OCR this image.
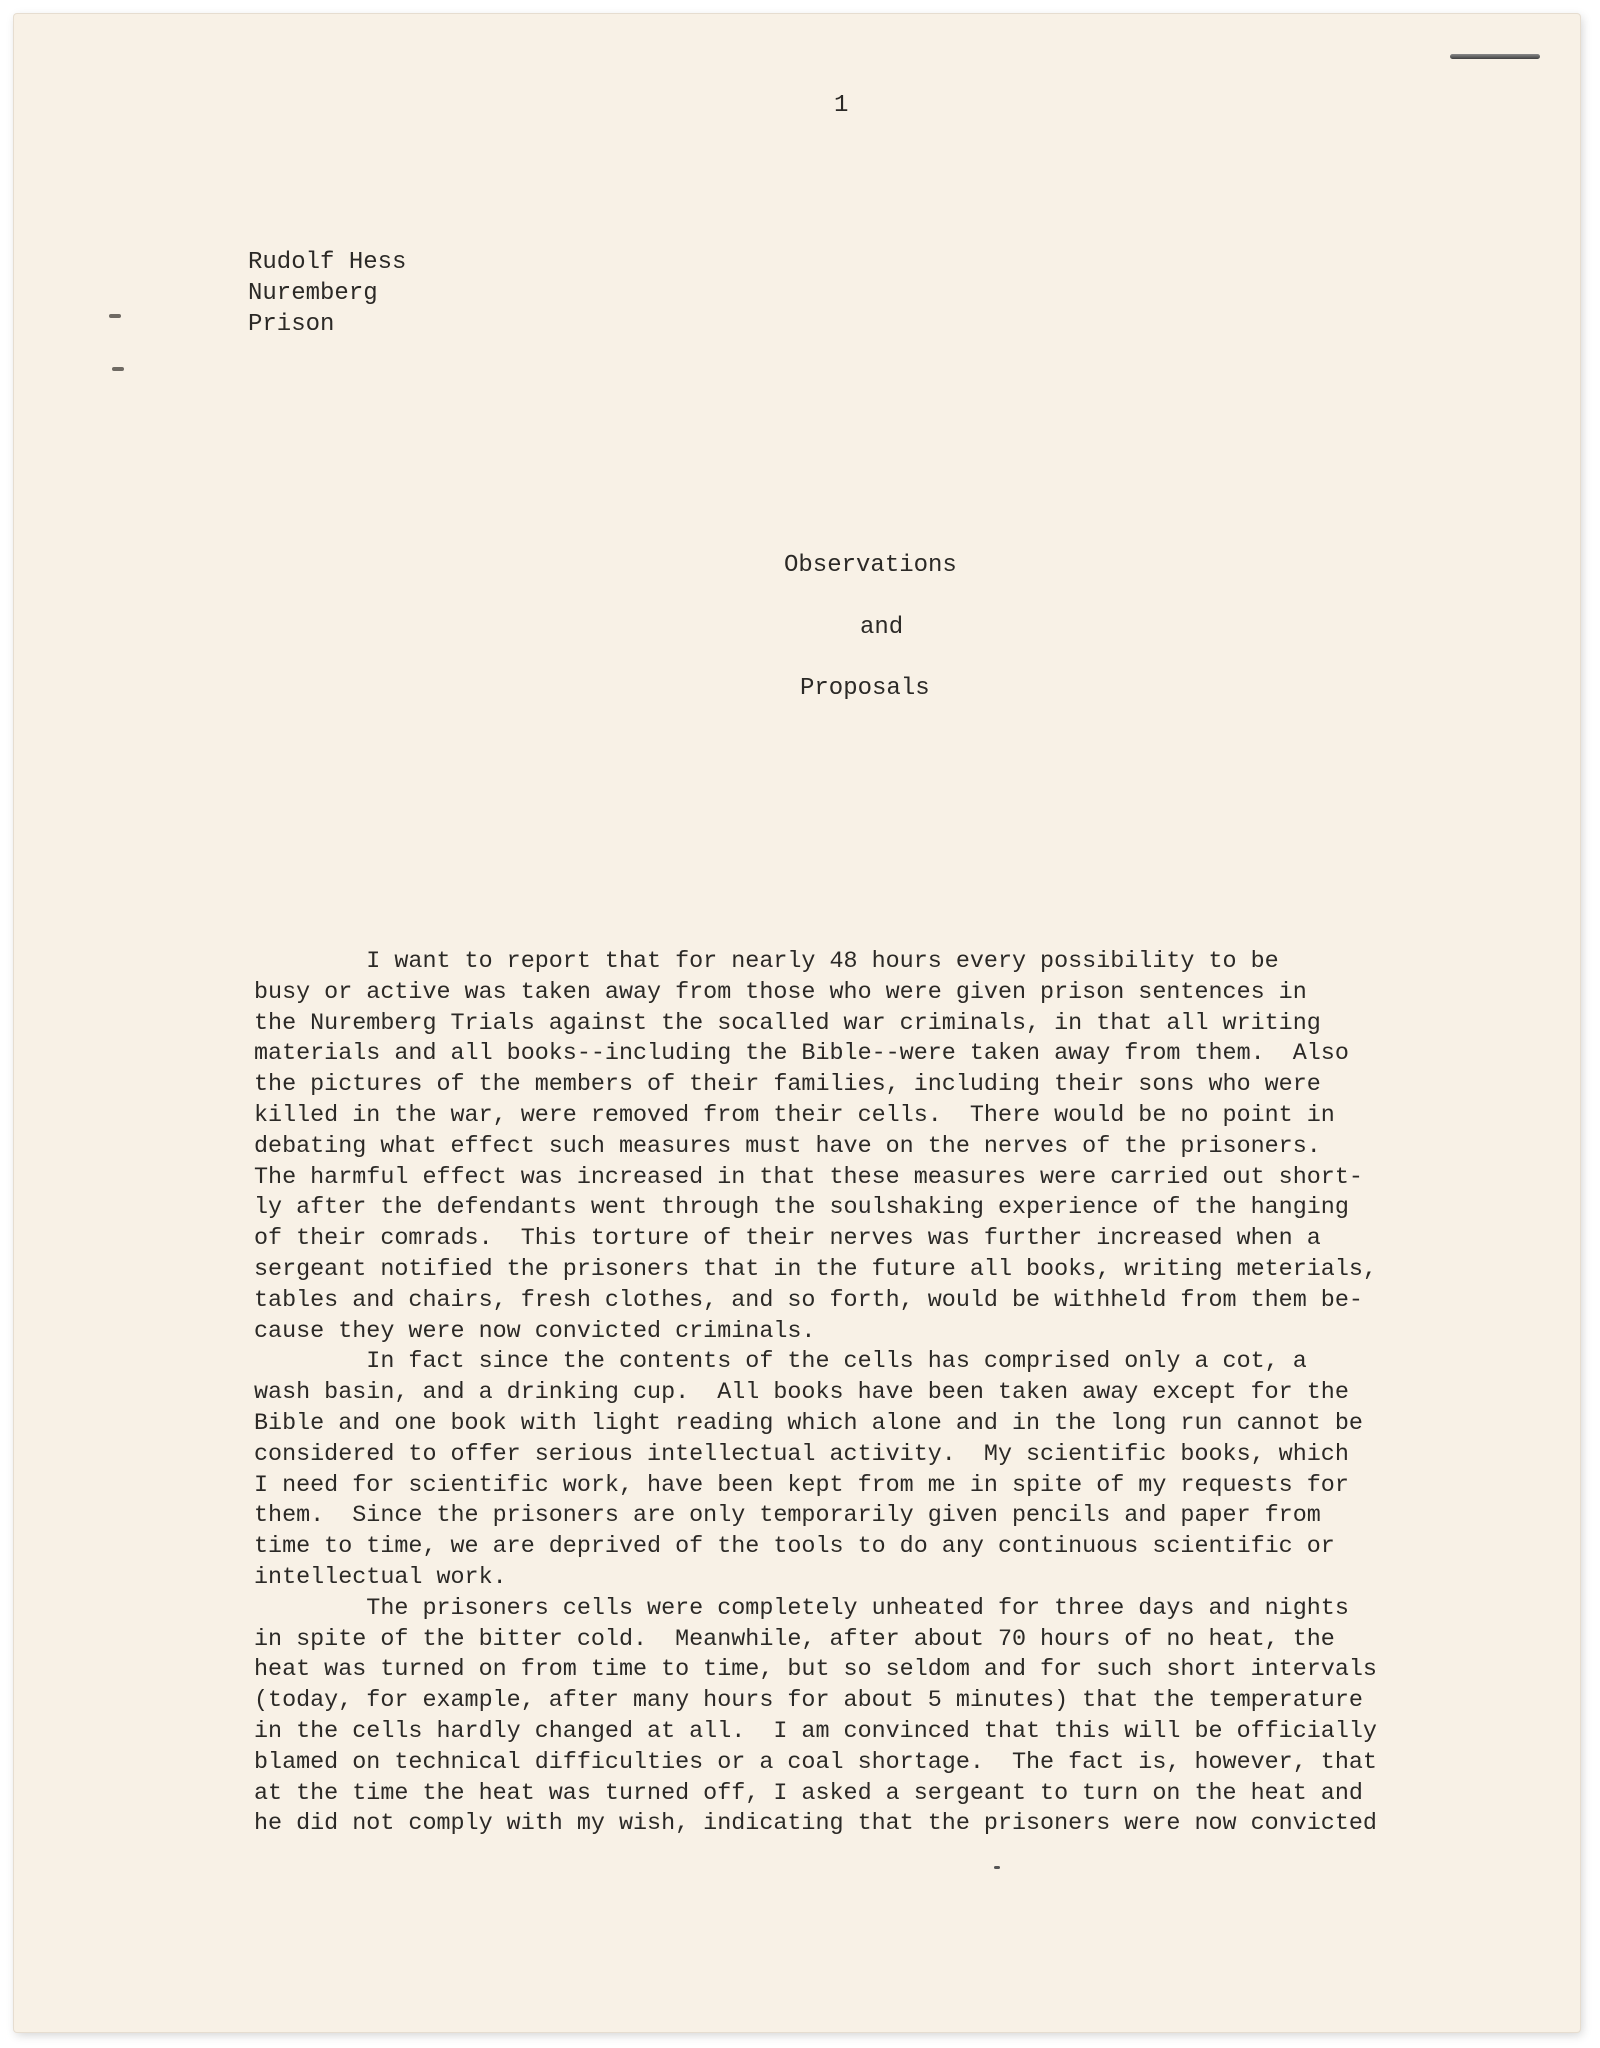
1
Rudolf Hess
Nuremberg
Prison
Observations
and
Proposals
I want to report that for nearly 48 hours every possibility to be
busy or active was taken away from those who were given prison sentences in
the Nuremberg Trials against the socalled war criminals, in that all writing
materials and all books--including the Bible--were taken away from them.  Also
the pictures of the members of their families, including their sons who were
killed in the war, were removed from their cells.  There would be no point in
debating what effect such measures must have on the nerves of the prisoners.
The harmful effect was increased in that these measures were carried out short-
ly after the defendants went through the soulshaking experience of the hanging
of their comrads.  This torture of their nerves was further increased when a
sergeant notified the prisoners that in the future all books, writing meterials,
tables and chairs, fresh clothes, and so forth, would be withheld from them be-
cause they were now convicted criminals.
In fact since the contents of the cells has comprised only a cot, a
wash basin, and a drinking cup.  All books have been taken away except for the
Bible and one book with light reading which alone and in the long run cannot be
considered to offer serious intellectual activity.  My scientific books, which
I need for scientific work, have been kept from me in spite of my requests for
them.  Since the prisoners are only temporarily given pencils and paper from
time to time, we are deprived of the tools to do any continuous scientific or
intellectual work.
The prisoners cells were completely unheated for three days and nights
in spite of the bitter cold.  Meanwhile, after about 70 hours of no heat, the
heat was turned on from time to time, but so seldom and for such short intervals
(today, for example, after many hours for about 5 minutes) that the temperature
in the cells hardly changed at all.  I am convinced that this will be officially
blamed on technical difficulties or a coal shortage.  The fact is, however, that
at the time the heat was turned off, I asked a sergeant to turn on the heat and
he did not comply with my wish, indicating that the prisoners were now convicted
